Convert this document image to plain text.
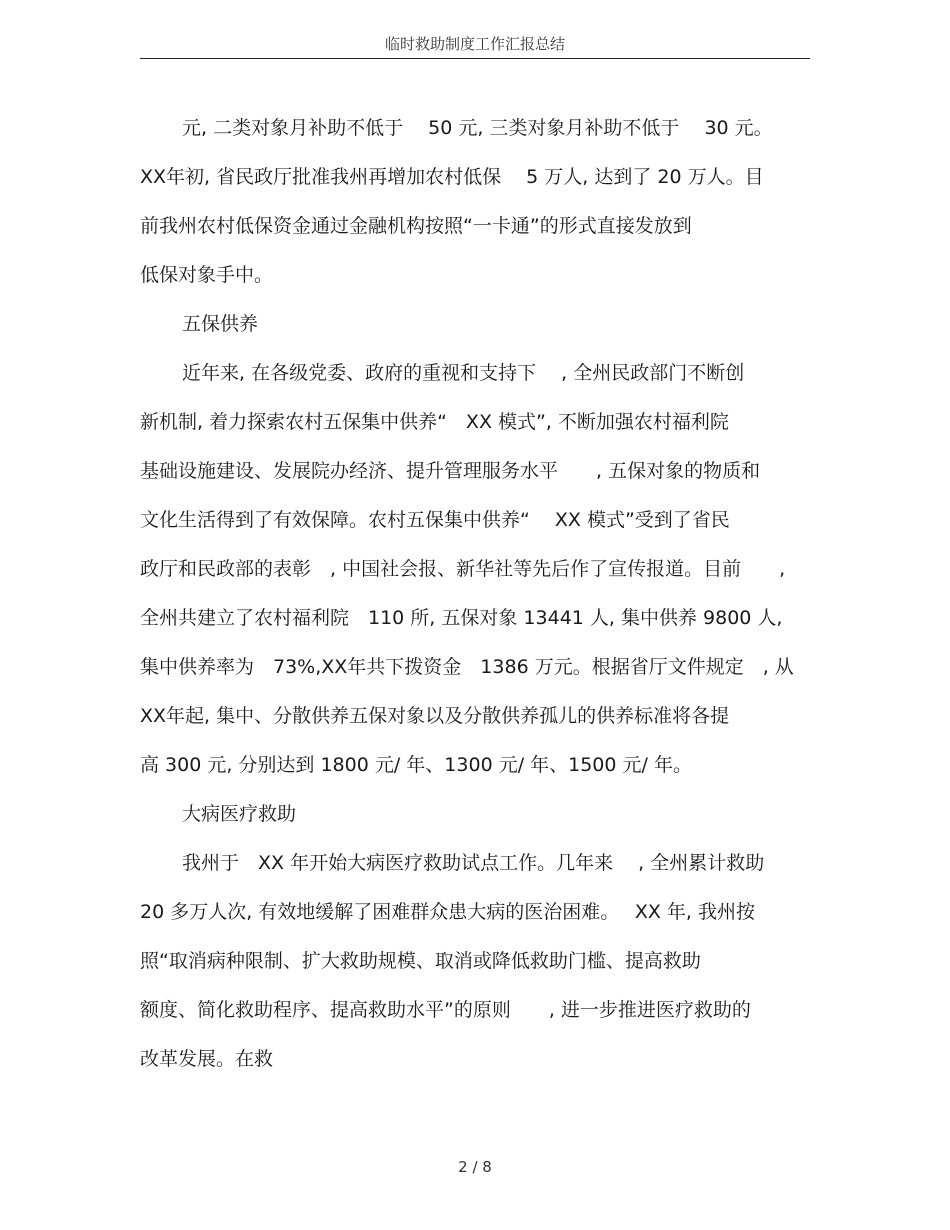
临时救助制度工作汇报总结
元, 二类对象月补助不低于　 50 元, 三类对象月补助不低于　 30 元。
XX年初, 省民政厅批准我州再增加农村低保　 5 万人, 达到了 20 万人。目
前我州农村低保资金通过金融机构按照“一卡通”的形式直接发放到
低保对象手中。
五保供养
近年来, 在各级党委、政府的重视和支持下　 , 全州民政部门不断创
新机制, 着力探索农村五保集中供养“　XX 模式”, 不断加强农村福利院
基础设施建设、发展院办经济、提升管理服务水平　　, 五保对象的物质和
文化生活得到了有效保障。农村五保集中供养“　 XX 模式”受到了省民
政厅和民政部的表彰　, 中国社会报、新华社等先后作了宣传报道。目前　　,
全州共建立了农村福利院　110 所, 五保对象 13441 人, 集中供养 9800 人,
集中供养率为　73%,XX年共下拨资金　1386 万元。根据省厅文件规定　, 从
XX年起, 集中、分散供养五保对象以及分散供养孤儿的供养标准将各提
高 300 元, 分别达到 1800 元/ 年、1300 元/ 年、1500 元/ 年。
大病医疗救助
我州于　XX 年开始大病医疗救助试点工作。几年来　 , 全州累计救助
20 多万人次, 有效地缓解了困难群众患大病的医治困难。　 XX 年, 我州按
照“取消病种限制、扩大救助规模、取消或降低救助门槛、提高救助
额度、简化救助程序、提高救助水平”的原则　　, 进一步推进医疗救助的
改革发展。在救
2 / 8
